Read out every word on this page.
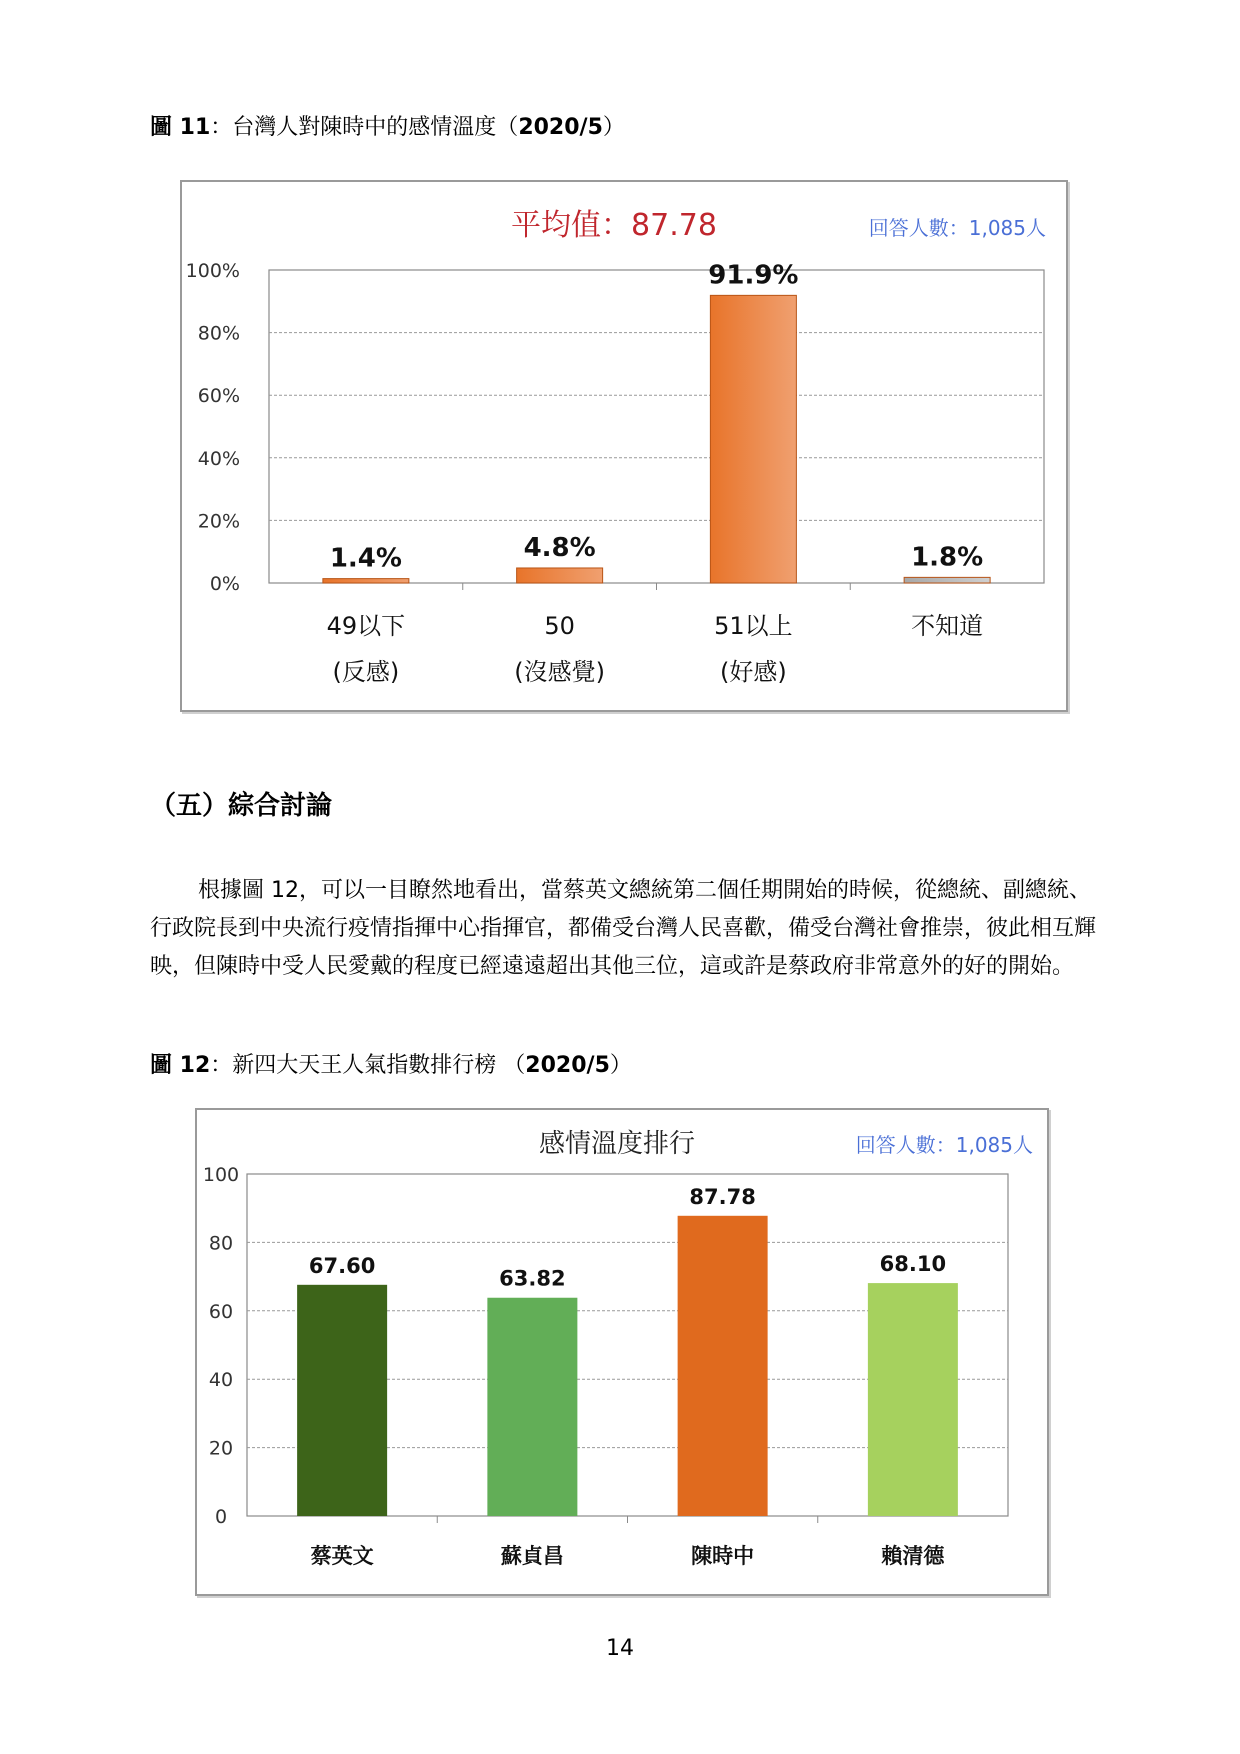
圖 11：台灣人對陳時中的感情溫度（2020/5）
平均值：87.78	回答人數：1,085人
0%
20%
40%
60%
80%
100%
1.4%
49以下
(反感)
4.8%
50
(沒感覺)
91.9%
51以上
(好感)
1.8%
不知道
（五）綜合討論

根據圖 12，可以一目瞭然地看出，當蔡英文總統第二個任期開始的時候，從總統、副總統、行政院長到中央流行疫情指揮中心指揮官，都備受台灣人民喜歡，備受台灣社會推崇，彼此相互輝映，但陳時中受人民愛戴的程度已經遠遠超出其他三位，這或許是蔡政府非常意外的好的開始。

圖 12：新四大天王人氣指數排行榜 （2020/5）
感情溫度排行	回答人數：1,085人
0
20
40
60
80
100
67.60
蔡英文
63.82
蘇貞昌
87.78
陳時中
68.10
賴清德
14
